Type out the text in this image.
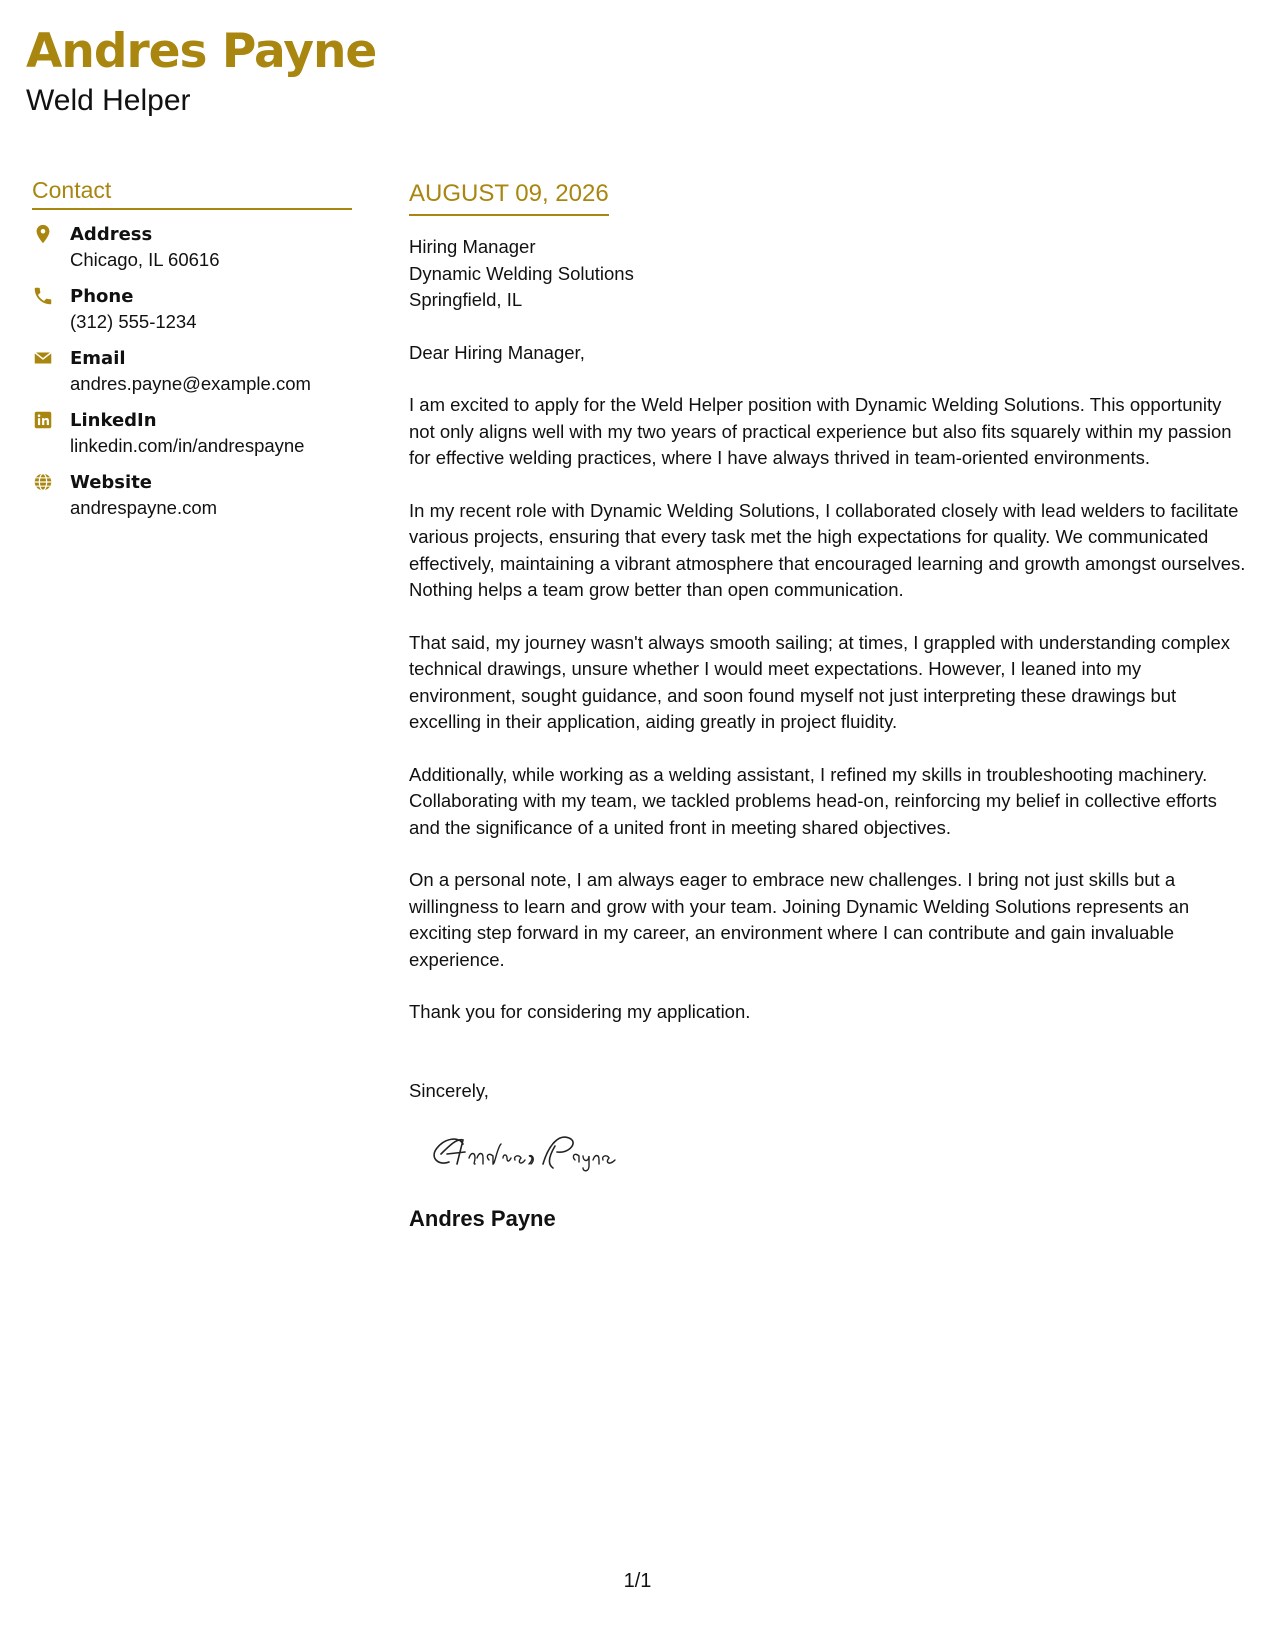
Andres Payne
Weld Helper
Contact
Address
Chicago, IL 60616
Phone
(312) 555-1234
Email
andres.payne@example.com
LinkedIn
linkedin.com/in/andrespayne
Website
andrespayne.com
AUGUST 09, 2026
Hiring Manager
Dynamic Welding Solutions
Springfield, IL
Dear Hiring Manager,
I am excited to apply for the Weld Helper position with Dynamic Welding Solutions. This opportunity not only aligns well with my two years of practical experience but also fits squarely within my passion for effective welding practices, where I have always thrived in team-oriented environments.
In my recent role with Dynamic Welding Solutions, I collaborated closely with lead welders to facilitate various projects, ensuring that every task met the high expectations for quality. We communicated effectively, maintaining a vibrant atmosphere that encouraged learning and growth amongst ourselves. Nothing helps a team grow better than open communication.
That said, my journey wasn't always smooth sailing; at times, I grappled with understanding complex technical drawings, unsure whether I would meet expectations. However, I leaned into my environment, sought guidance, and soon found myself not just interpreting these drawings but excelling in their application, aiding greatly in project fluidity.
Additionally, while working as a welding assistant, I refined my skills in troubleshooting machinery. Collaborating with my team, we tackled problems head-on, reinforcing my belief in collective efforts and the significance of a united front in meeting shared objectives.
On a personal note, I am always eager to embrace new challenges. I bring not just skills but a willingness to learn and grow with your team. Joining Dynamic Welding Solutions represents an exciting step forward in my career, an environment where I can contribute and gain invaluable experience.
Thank you for considering my application.
Sincerely,
Andres Payne
1/1
